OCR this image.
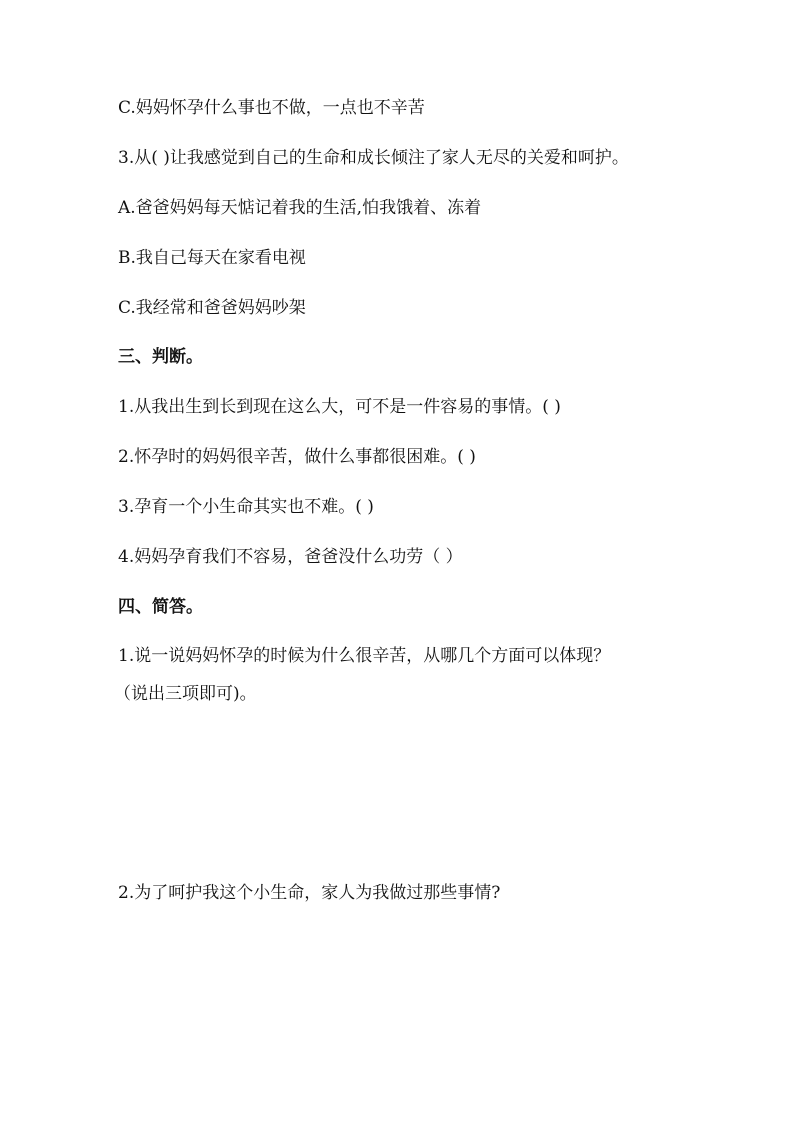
C.妈妈怀孕什么事也不做，一点也不辛苦
3.从( )让我感觉到自己的生命和成长倾注了家人无尽的关爱和呵护。
A.爸爸妈妈每天惦记着我的生活,怕我饿着、冻着
B.我自己每天在家看电视
C.我经常和爸爸妈妈吵架
三、判断。
1.从我出生到长到现在这么大，可不是一件容易的事情。( )
2.怀孕时的妈妈很辛苦，做什么事都很困难。( )
3.孕育一个小生命其实也不难。( )
4.妈妈孕育我们不容易，爸爸没什么功劳（ ）
四、简答。
1.说一说妈妈怀孕的时候为什么很辛苦，从哪几个方面可以体现？
（说出三项即可)。
2.为了呵护我这个小生命，家人为我做过那些事情?
